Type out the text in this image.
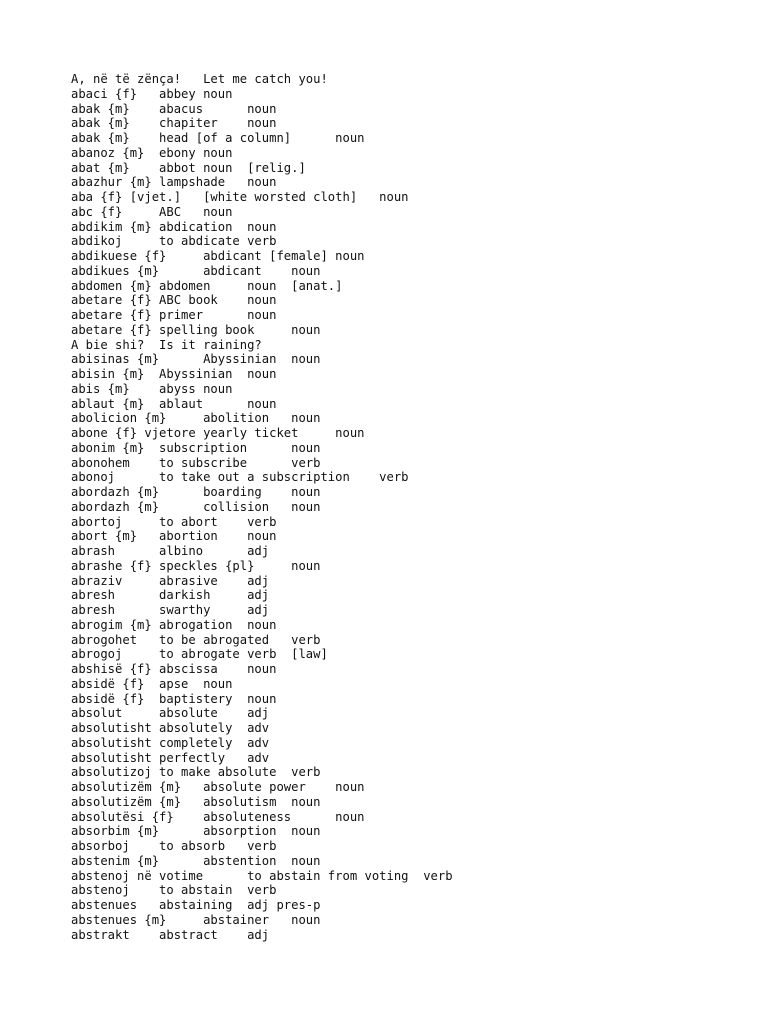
A, në të zënça!   Let me catch you!
abaci {f}   abbey noun
abak {m}    abacus      noun
abak {m}    chapiter    noun
abak {m}    head [of a column]      noun
abanoz {m}  ebony noun
abat {m}    abbot noun  [relig.]
abazhur {m} lampshade   noun
aba {f} [vjet.]   [white worsted cloth]   noun
abc {f}     ABC   noun
abdikim {m} abdication  noun
abdikoj     to abdicate verb
abdikuese {f}     abdicant [female] noun
abdikues {m}      abdicant    noun
abdomen {m} abdomen     noun  [anat.]
abetare {f} ABC book    noun
abetare {f} primer      noun
abetare {f} spelling book     noun
A bie shi?  Is it raining?
abisinas {m}      Abyssinian  noun
abisin {m}  Abyssinian  noun
abis {m}    abyss noun
ablaut {m}  ablaut      noun
abolicion {m}     abolition   noun
abone {f} vjetore yearly ticket     noun
abonim {m}  subscription      noun
abonohem    to subscribe      verb
abonoj      to take out a subscription    verb
abordazh {m}      boarding    noun
abordazh {m}      collision   noun
abortoj     to abort    verb
abort {m}   abortion    noun
abrash      albino      adj
abrashe {f} speckles {pl}     noun
abraziv     abrasive    adj
abresh      darkish     adj
abresh      swarthy     adj
abrogim {m} abrogation  noun
abrogohet   to be abrogated   verb
abrogoj     to abrogate verb  [law]
abshisë {f} abscissa    noun
absidë {f}  apse  noun
absidë {f}  baptistery  noun
absolut     absolute    adj
absolutisht absolutely  adv
absolutisht completely  adv
absolutisht perfectly   adv
absolutizoj to make absolute  verb
absolutizëm {m}   absolute power    noun
absolutizëm {m}   absolutism  noun
absolutësi {f}    absoluteness      noun
absorbim {m}      absorption  noun
absorboj    to absorb   verb
abstenim {m}      abstention  noun
abstenoj në votime      to abstain from voting  verb
abstenoj    to abstain  verb
abstenues   abstaining  adj pres-p
abstenues {m}     abstainer   noun
abstrakt    abstract    adj
